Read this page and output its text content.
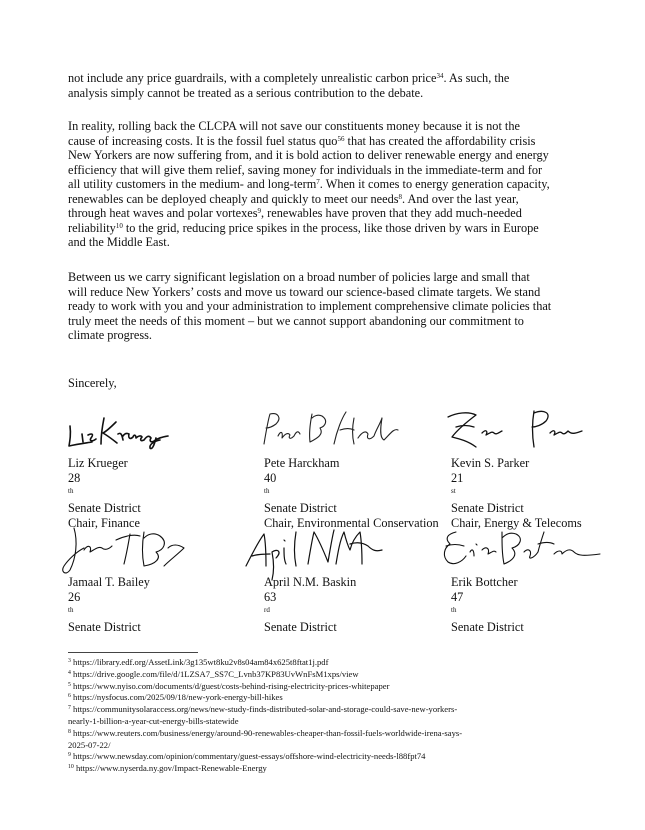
not include any price guardrails, with a completely unrealistic carbon price$^{34}$. As such, the
analysis simply cannot be treated as a serious contribution to the debate.

In reality, rolling back the CLCPA will not save our constituents money because it is not the
cause of increasing costs. It is the fossil fuel status quo$^{56}$ that has created the affordability crisis
New Yorkers are now suffering from, and it is bold action to deliver renewable energy and energy
efficiency that will give them relief, saving money for individuals in the immediate-term and for
all utility customers in the medium- and long-term$^7$. When it comes to energy generation capacity,
renewables can be deployed cheaply and quickly to meet our needs$^8$. And over the last year,
through heat waves and polar vortexes$^9$, renewables have proven that they add much-needed
reliability$^{10}$ to the grid, reducing price spikes in the process, like those driven by wars in Europe
and the Middle East.

Between us we carry significant legislation on a broad number of policies large and small that
will reduce New Yorkers’ costs and move us toward our science-based climate targets. We stand
ready to work with you and your administration to implement comprehensive climate policies that
truly meet the needs of this moment – but we cannot support abandoning our commitment to
climate progress.

Sincerely,
Liz Krueger
28
$^{th}$
Senate District
Chair, Finance
Pete Harckham
40
$^{th}$
Senate District
Chair, Environmental Conservation
Kevin S. Parker
21
$^{st}$
Senate District
Chair, Energy & Telecoms
Jamaal T. Bailey
26
$^{th}$
Senate District
April N.M. Baskin
63
$^{rd}$
Senate District
Erik Bottcher
47
$^{th}$
Senate District
$^3$ https://library.edf.org/AssetLink/3g135wt8ku2v8s04am84x625t8ftat1j.pdf
$^4$ https://drive.google.com/file/d/1LZSA7_SS7C_Lvnb37KP83UvWnFsM1xps/view
$^5$ https://www.nyiso.com/documents/d/guest/costs-behind-rising-electricity-prices-whitepaper
$^6$ https://nysfocus.com/2025/09/18/new-york-energy-bill-hikes
$^7$ https://communitysolaraccess.org/news/new-study-finds-distributed-solar-and-storage-could-save-new-yorkers-
nearly-1-billion-a-year-cut-energy-bills-statewide
$^8$ https://www.reuters.com/business/energy/around-90-renewables-cheaper-than-fossil-fuels-worldwide-irena-says-
2025-07-22/
$^9$ https://www.newsday.com/opinion/commentary/guest-essays/offshore-wind-electricity-needs-l88fpt74
$^{10}$ https://www.nyserda.ny.gov/Impact-Renewable-Energy
